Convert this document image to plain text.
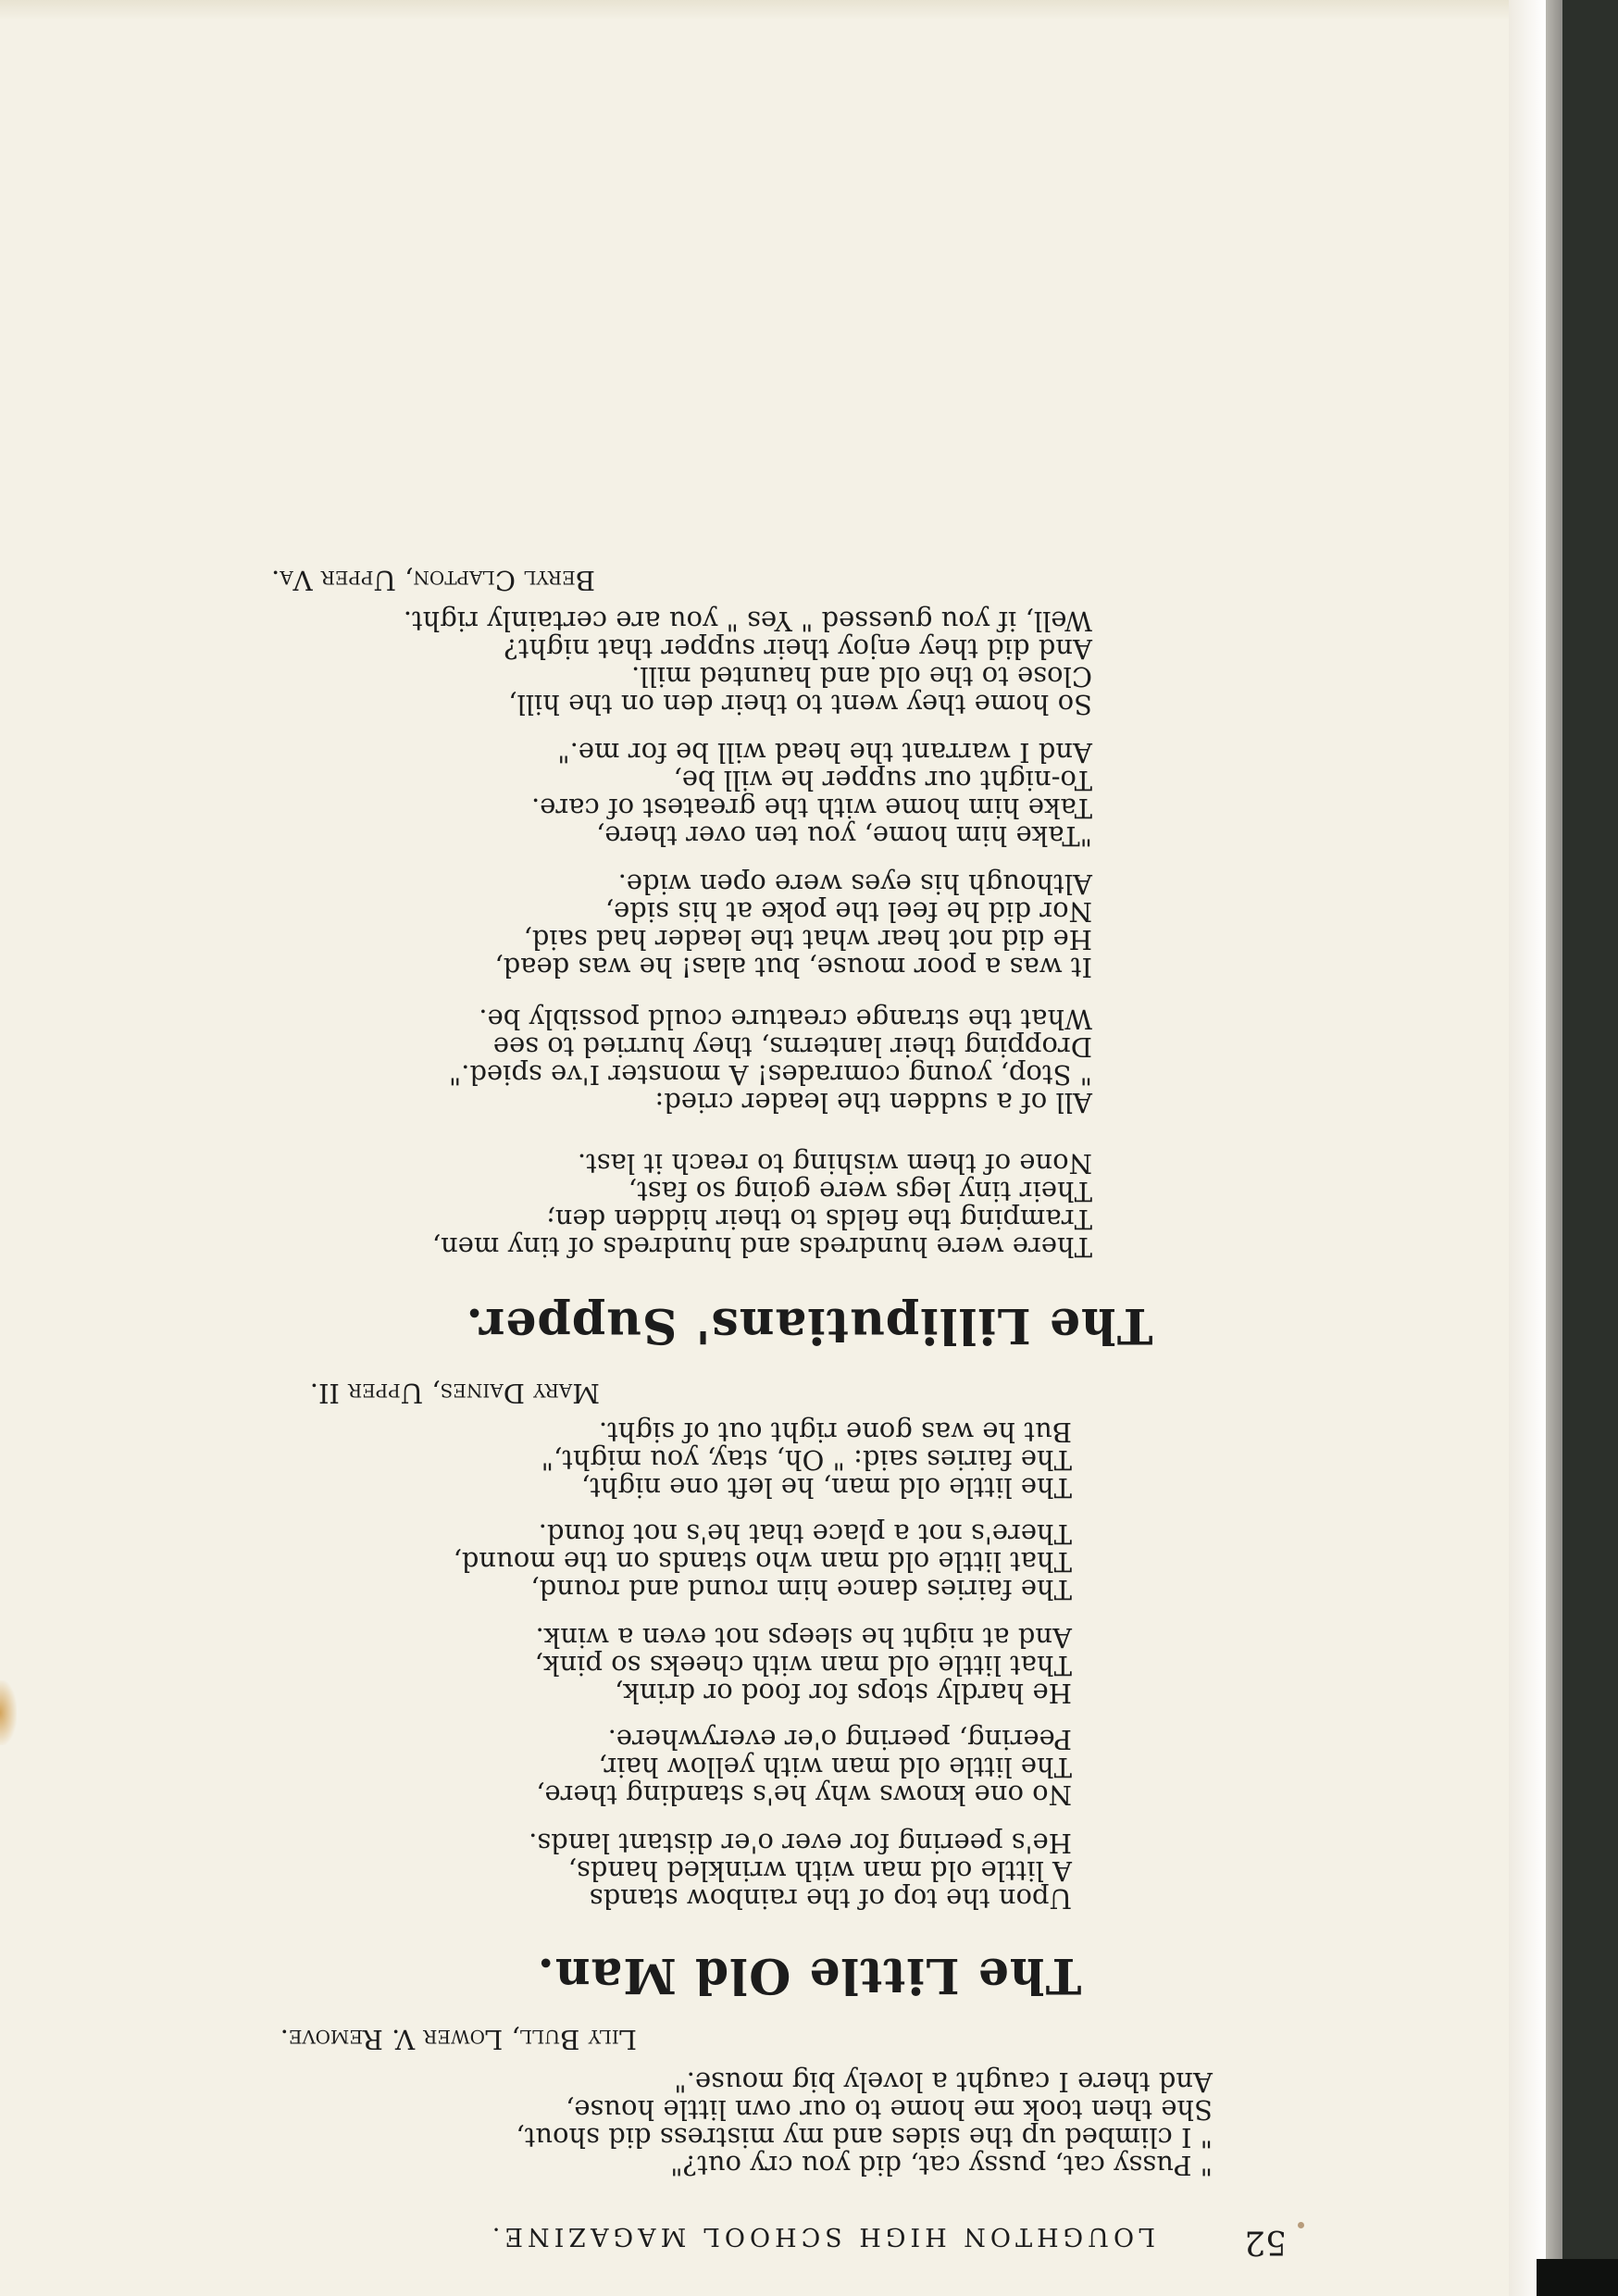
52
LOUGHTON HIGH SCHOOL MAGAZINE.
" Pussy cat, pussy cat, did you cry out?"
" I climbed up the sides and my mistress did shout,
She then took me home to our own little house,
And there I caught a lovely big mouse."
Lily Bull, Lower V. Remove.
The Little Old Man.
Upon the top of the rainbow stands
A little old man with wrinkled hands,
He's peering for ever o'er distant lands.
No one knows why he's standing there,
The little old man with yellow hair,
Peering, peering o'er everywhere.
He hardly stops for food or drink,
That little old man with cheeks so pink,
And at night he sleeps not even a wink.
The fairies dance him round and round,
That little old man who stands on the mound,
There's not a place that he's not found.
The little old man, he left one night,
The fairies said: " Oh, stay, you might,"
But he was gone right out of sight.
Mary Daines, Upper II.
The Lilliputians' Supper.
There were hundreds and hundreds of tiny men,
Tramping the fields to their hidden den;
Their tiny legs were going so fast,
None of them wishing to reach it last.
All of a sudden the leader cried:
" Stop, young comrades! A monster I've spied."
Dropping their lanterns, they hurried to see
What the strange creature could possibly be.
It was a poor mouse, but alas! he was dead,
He did not hear what the leader had said,
Nor did he feel the poke at his side,
Although his eyes were open wide.
"Take him home, you ten over there,
Take him home with the greatest of care.
To-night our supper he will be,
And I warrant the head will be for me."
So home they went to their den on the hill,
Close to the old and haunted mill.
And did they enjoy their supper that night?
Well, if you guessed " Yes " you are certainly right.
Beryl Clapton, Upper Va.
